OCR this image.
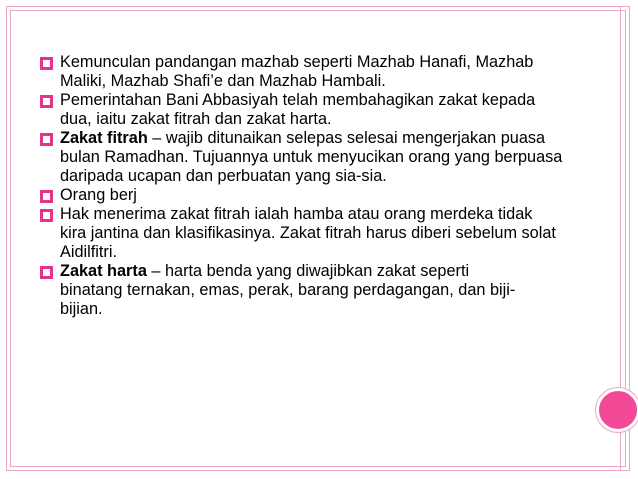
Kemunculan pandangan mazhab seperti Mazhab Hanafi, Mazhab Maliki, Mazhab Shafi’e dan Mazhab Hambali.

Pemerintahan Bani Abbasiyah telah membahagikan zakat kepada dua, iaitu zakat fitrah dan zakat harta.

Zakat fitrah – wajib ditunaikan selepas selesai mengerjakan puasa bulan Ramadhan. Tujuannya untuk menyucikan orang yang berpuasa daripada ucapan dan perbuatan yang sia-sia.

Orang berj

Hak menerima zakat fitrah ialah hamba atau orang merdeka tidak kira jantina dan klasifikasinya. Zakat fitrah harus diberi sebelum solat Aidilfitri.

Zakat harta – harta benda yang diwajibkan zakat seperti binatang ternakan, emas, perak, barang perdagangan, dan biji-bijian.
